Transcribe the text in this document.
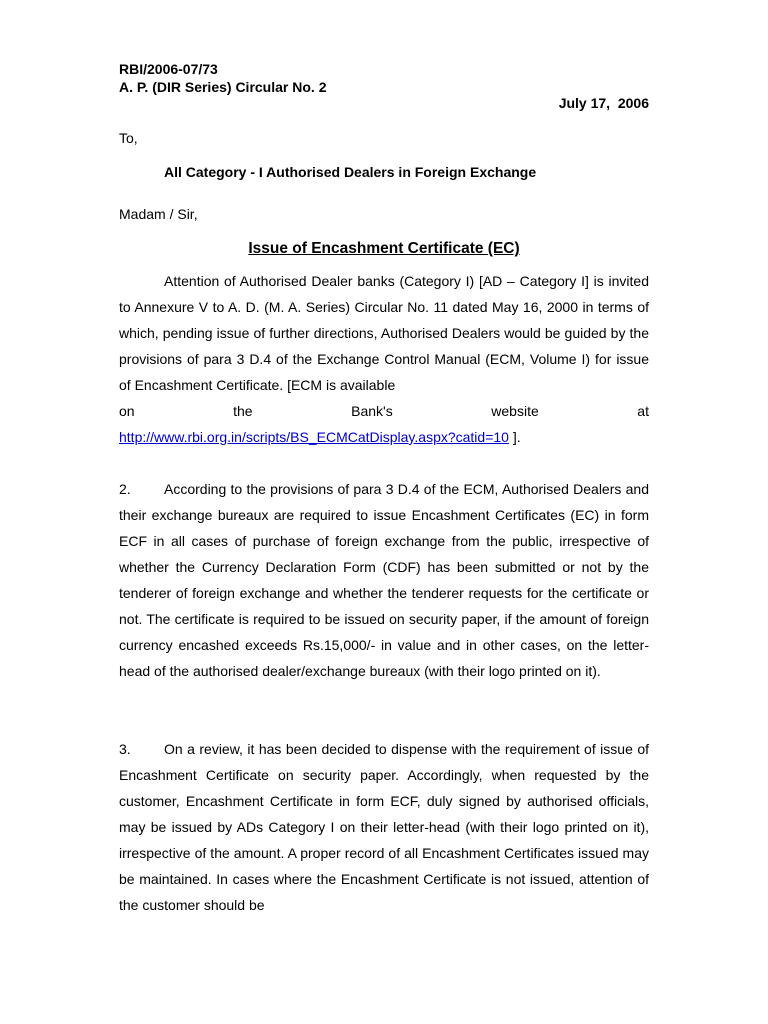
RBI/2006-07/73
A. P. (DIR Series) Circular No. 2
July 17,  2006
To,
All Category - I Authorised Dealers in Foreign Exchange
Madam / Sir,
Issue of Encashment Certificate (EC)
Attention of Authorised Dealer banks (Category I) [AD – Category I] is invited to Annexure V to A. D. (M. A. Series) Circular No. 11 dated May 16, 2000 in terms of which, pending issue of further directions, Authorised Dealers would be guided by the provisions of para 3 D.4 of the Exchange Control Manual (ECM, Volume I) for issue of Encashment Certificate. [ECM is available
on	the	Bank's	website	at
http://www.rbi.org.in/scripts/BS_ECMCatDisplay.aspx?catid=10 ].
2. According to the provisions of para 3 D.4 of the ECM, Authorised Dealers and their exchange bureaux are required to issue Encashment Certificates (EC) in form ECF in all cases of purchase of foreign exchange from the public, irrespective of whether the Currency Declaration Form (CDF) has been submitted or not by the tenderer of foreign exchange and whether the tenderer requests for the certificate or not. The certificate is required to be issued on security paper, if the amount of foreign currency encashed exceeds Rs.15,000/- in value and in other cases, on the letter-head of the authorised dealer/exchange bureaux (with their logo printed on it).
3. On a review, it has been decided to dispense with the requirement of issue of Encashment Certificate on security paper. Accordingly, when requested by the customer, Encashment Certificate in form ECF, duly signed by authorised officials, may be issued by ADs Category I on their letter-head (with their logo printed on it), irrespective of the amount. A proper record of all Encashment Certificates issued may be maintained. In cases where the Encashment Certificate is not issued, attention of the customer should be
